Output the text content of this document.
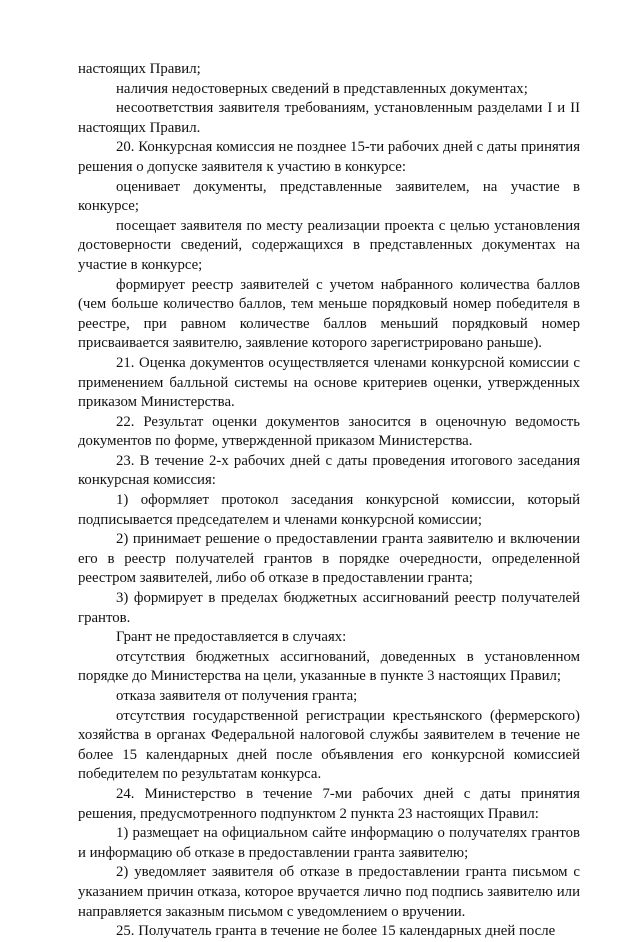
настоящих Правил;

наличия недостоверных сведений в представленных документах;

несоответствия заявителя требованиям, установленным разделами I и II настоящих Правил.

20. Конкурсная комиссия не позднее 15-ти рабочих дней с даты принятия решения о допуске заявителя к участию в конкурсе:

оценивает документы, представленные заявителем, на участие в конкурсе;

посещает заявителя по месту реализации проекта с целью установления достоверности сведений, содержащихся в представленных документах на участие в конкурсе;

формирует реестр заявителей с учетом набранного количества баллов (чем больше количество баллов, тем меньше порядковый номер победителя в реестре, при равном количестве баллов меньший порядковый номер присваивается заявителю, заявление которого зарегистрировано раньше).

21. Оценка документов осуществляется членами конкурсной комиссии с применением балльной системы на основе критериев оценки, утвержденных приказом Министерства.

22. Результат оценки документов заносится в оценочную ведомость документов по форме, утвержденной приказом Министерства.

23. В течение 2-х рабочих дней с даты проведения итогового заседания конкурсная комиссия:

1) оформляет протокол заседания конкурсной комиссии, который подписывается председателем и членами конкурсной комиссии;

2) принимает решение о предоставлении гранта заявителю и включении его в реестр получателей грантов в порядке очередности, определенной реестром заявителей, либо об отказе в предоставлении гранта;

3) формирует в пределах бюджетных ассигнований реестр получателей грантов.

Грант не предоставляется в случаях:

отсутствия бюджетных ассигнований, доведенных в установленном порядке до Министерства на цели, указанные в пункте 3 настоящих Правил;

отказа заявителя от получения гранта;

отсутствия государственной регистрации крестьянского (фермерского) хозяйства в органах Федеральной налоговой службы заявителем в течение не более 15 календарных дней после объявления его конкурсной комиссией победителем по результатам конкурса.

24. Министерство в течение 7-ми рабочих дней с даты принятия решения, предусмотренного подпунктом 2 пункта 23 настоящих Правил:

1) размещает на официальном сайте информацию о получателях грантов и информацию об отказе в предоставлении гранта заявителю;

2) уведомляет заявителя об отказе в предоставлении гранта письмом с указанием причин отказа, которое вручается лично под подпись заявителю или направляется заказным письмом с уведомлением о вручении.

25. Получатель гранта в течение не более 15 календарных дней после
